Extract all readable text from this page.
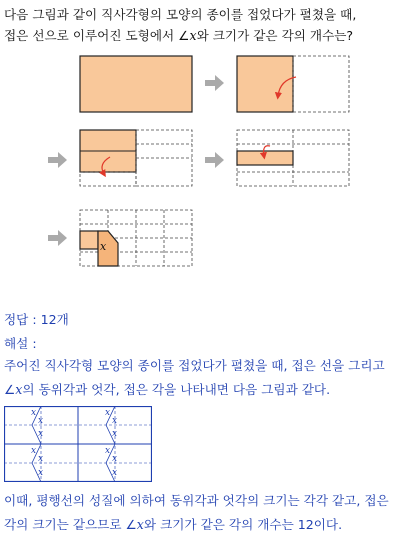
다음 그림과 같이 직사각형의 모양의 종이를 접었다가 펼쳤을 때,
접은 선으로 이루어진 도형에서 ∠x와 크기가 같은 각의 개수는?
x
정답 : 12개
해설 :
주어진 직사각형 모양의 종이를 접었다가 펼쳤을 때, 접은 선을 그리고
∠x의 동위각과 엇각, 접은 각을 나타내면 다음 그림과 같다.
x
x
x
x
x
x
x
x
x
x
x
x
이때, 평행선의 성질에 의하여 동위각과 엇각의 크기는 각각 같고, 접은
각의 크기는 같으므로 ∠x와 크기가 같은 각의 개수는 12이다.
